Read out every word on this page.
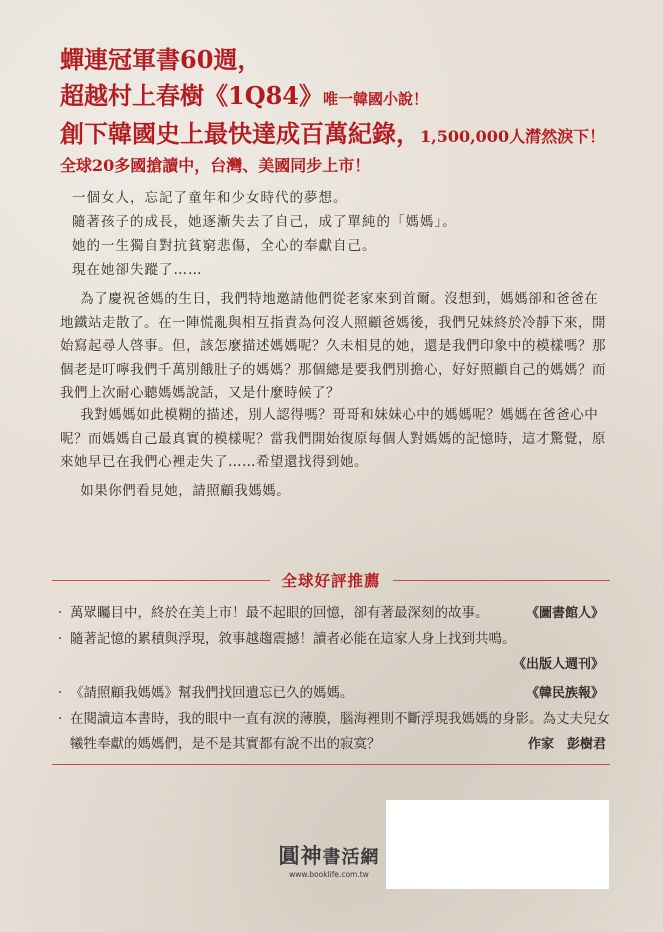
蟬連冠軍書60週，
超越村上春樹《1Q84》唯一韓國小說！
創下韓國史上最快達成百萬紀錄，1,500,000人潸然淚下！
全球20多國搶讀中，台灣、美國同步上市！
一個女人，忘記了童年和少女時代的夢想。
隨著孩子的成長，她逐漸失去了自己，成了單純的「媽媽」。
她的一生獨自對抗貧窮悲傷，全心的奉獻自己。
現在她卻失蹤了……

為了慶祝爸媽的生日，我們特地邀請他們從老家來到首爾。沒想到，媽媽卻和爸爸在地鐵站走散了。在一陣慌亂與相互指責為何沒人照顧爸媽後，我們兄妹終於冷靜下來，開始寫起尋人啓事。但，該怎麼描述媽媽呢？久未相見的她，還是我們印象中的模樣嗎？那個老是叮嚀我們千萬別餓肚子的媽媽？那個總是要我們別擔心，好好照顧自己的媽媽？而我們上次耐心聽媽媽說話，又是什麼時候了？

我對媽媽如此模糊的描述，別人認得嗎？哥哥和妹妹心中的媽媽呢？媽媽在爸爸心中呢？而媽媽自己最真實的模樣呢？當我們開始復原每個人對媽媽的記憶時，這才驚覺，原來她早已在我們心裡走失了……希望還找得到她。

如果你們看見她，請照顧我媽媽。

全球好評推薦
‧ 萬眾矚目中，終於在美上市！最不起眼的回憶，卻有著最深刻的故事。	《圖書館人》
‧ 隨著記憶的累積與浮現，敘事越趨震撼！讀者必能在這家人身上找到共鳴。
《出版人週刊》
‧ 《請照顧我媽媽》幫我們找回遺忘已久的媽媽。	《韓民族報》
‧ 在閱讀這本書時，我的眼中一直有淚的薄膜，腦海裡則不斷浮現我媽媽的身影。為丈夫兒女犧牲奉獻的媽媽們，是不是其實都有說不出的寂寞？	作家　彭樹君
圓神書活網
www.booklife.com.tw
